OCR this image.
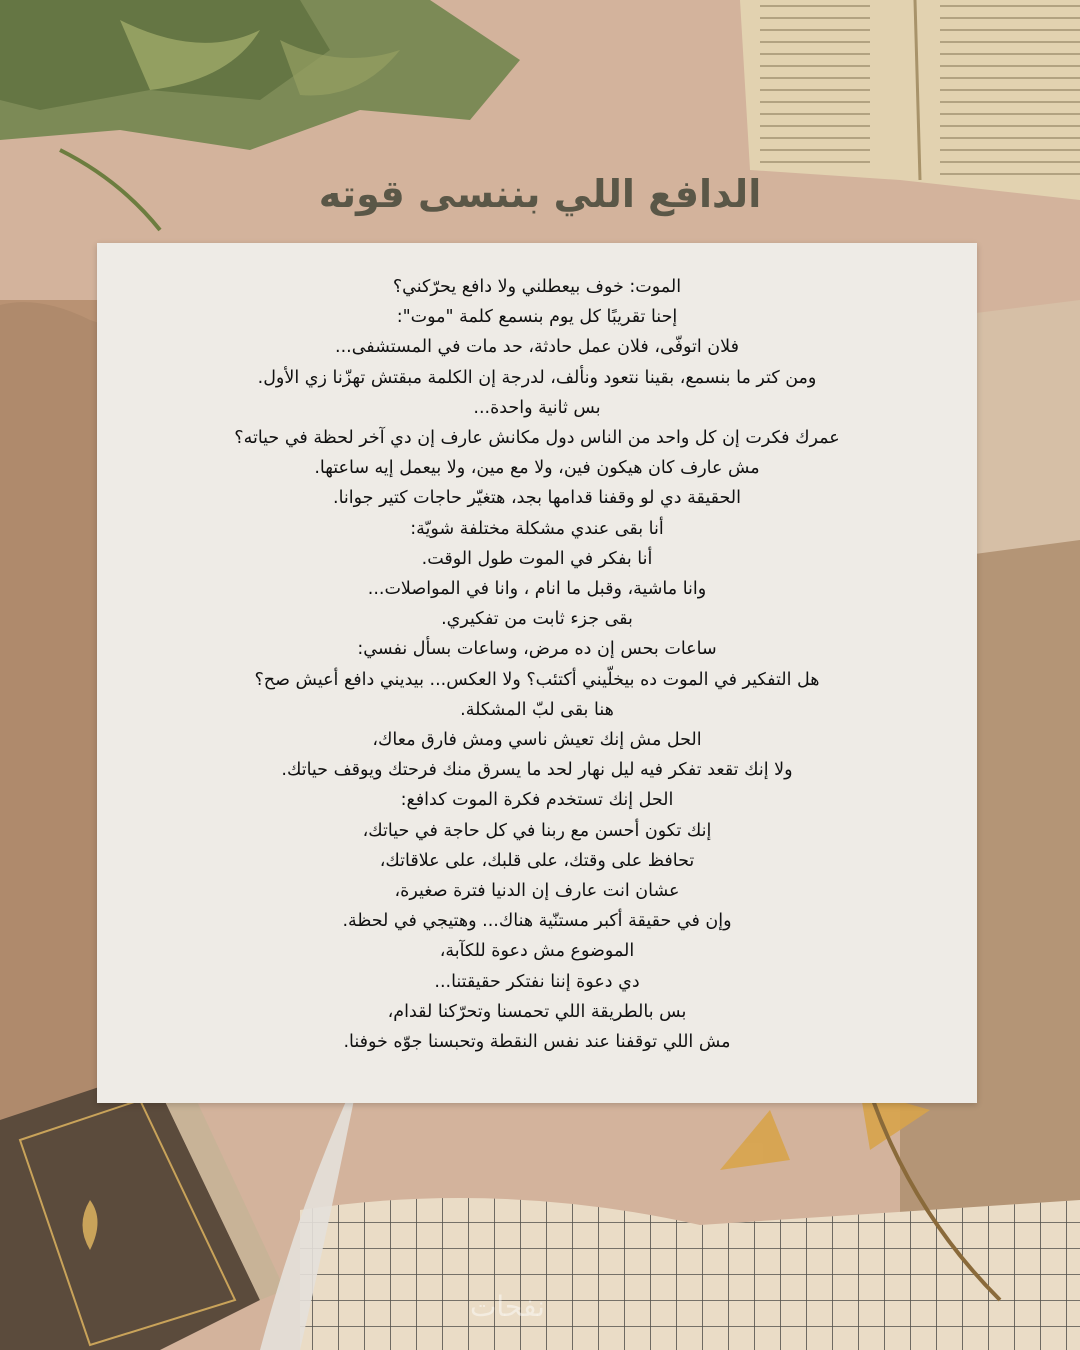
الدافع اللي بننسى قوته
الموت: خوف بيعطلني ولا دافع يحرّكني؟
إحنا تقريبًا كل يوم بنسمع كلمة "موت":
فلان اتوفّى، فلان عمل حادثة، حد مات في المستشفى...
ومن كتر ما بنسمع، بقينا نتعود ونألف، لدرجة إن الكلمة مبقتش تهزّنا زي الأول.
بس ثانية واحدة...
عمرك فكرت إن كل واحد من الناس دول مكانش عارف إن دي آخر لحظة في حياته؟
مش عارف كان هيكون فين، ولا مع مين، ولا بيعمل إيه ساعتها.
الحقيقة دي لو وقفنا قدامها بجد، هتغيّر حاجات كتير جوانا.
أنا بقى عندي مشكلة مختلفة شويّة:
أنا بفكر في الموت طول الوقت.
وانا ماشية، وقبل ما انام ، وانا في المواصلات...
بقى جزء ثابت من تفكيري.
ساعات بحس إن ده مرض، وساعات بسأل نفسي:
هل التفكير في الموت ده بيخلّيني أكتئب؟ ولا العكس... بيديني دافع أعيش صح؟
هنا بقى لبّ المشكلة.
الحل مش إنك تعيش ناسي ومش فارق معاك،
ولا إنك تقعد تفكر فيه ليل نهار لحد ما يسرق منك فرحتك ويوقف حياتك.
الحل إنك تستخدم فكرة الموت كدافع:
إنك تكون أحسن مع ربنا في كل حاجة في حياتك،
تحافظ على وقتك، على قلبك، على علاقاتك،
عشان انت عارف إن الدنيا فترة صغيرة،
وإن في حقيقة أكبر مستنّية هناك... وهتيجي في لحظة.
الموضوع مش دعوة للكآبة،
دي دعوة إننا نفتكر حقيقتنا...
بس بالطريقة اللي تحمسنا وتحرّكنا لقدام،
مش اللي توقفنا عند نفس النقطة وتحبسنا جوّه خوفنا.
نفحات
